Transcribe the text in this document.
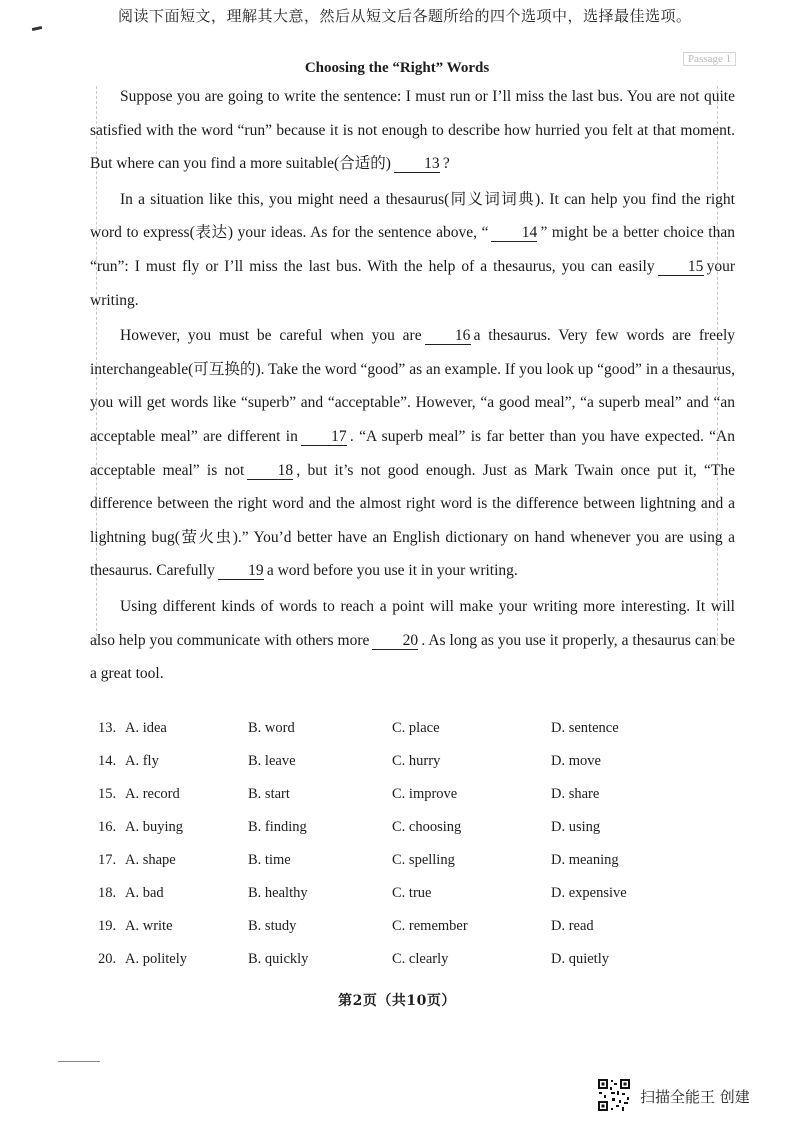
阅读下面短文，理解其大意，然后从短文后各题所给的四个选项中，选择最佳选项。
Passage 1
Choosing the “Right” Words

Suppose you are going to write the sentence: I must run or I’ll miss the last bus. You are not quite satisfied with the word “run” because it is not enough to describe how hurried you felt at that moment. But where can you find a more suitable(合适的) 13 ?

In a situation like this, you might need a thesaurus(同义词词典). It can help you find the right word to express(表达) your ideas. As for the sentence above, “ 14 ” might be a better choice than “run”: I must fly or I’ll miss the last bus. With the help of a thesaurus, you can easily 15 your writing.

However, you must be careful when you are 16 a thesaurus. Very few words are freely interchangeable(可互换的). Take the word “good” as an example. If you look up “good” in a thesaurus, you will get words like “superb” and “acceptable”. However, “a good meal”, “a superb meal” and “an acceptable meal” are different in 17 . “A superb meal” is far better than you have expected. “An acceptable meal” is not 18 , but it’s not good enough. Just as Mark Twain once put it, “The difference between the right word and the almost right word is the difference between lightning and a lightning bug(萤火虫).” You’d better have an English dictionary on hand whenever you are using a thesaurus. Carefully 19 a word before you use it in your writing.

Using different kinds of words to reach a point will make your writing more interesting. It will also help you communicate with others more 20 . As long as you use it properly, a thesaurus can be a great tool.

13. A. idea	B. word	C. place	D. sentence
14. A. fly	B. leave	C. hurry	D. move
15. A. record	B. start	C. improve	D. share
16. A. buying	B. finding	C. choosing	D. using
17. A. shape	B. time	C. spelling	D. meaning
18. A. bad	B. healthy	C. true	D. expensive
19. A. write	B. study	C. remember	D. read
20. A. politely	B. quickly	C. clearly	D. quietly
第2页（共10页）
扫描全能王 创建
